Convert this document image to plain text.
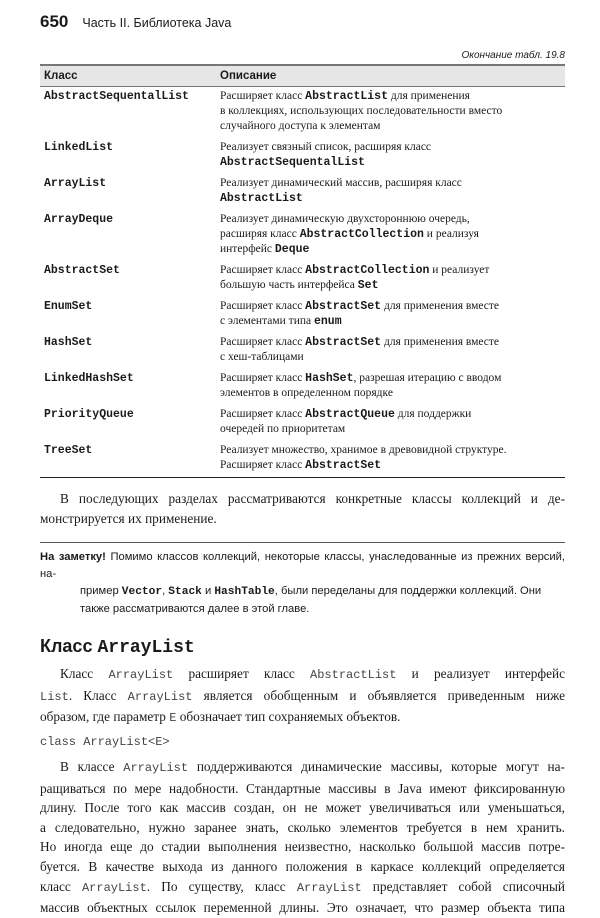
650 Часть II. Библиотека Java
Окончание табл. 19.8
Класс	Описание
AbstractSequentalList	Расширяет класс AbstractList для применения
в коллекциях, использующих последовательности вместо
случайного доступа к элементам

LinkedList	Реализует связный список, расширяя класс
AbstractSequentalList

ArrayList	Реализует динамический массив, расширяя класс
AbstractList

ArrayDeque	Реализует динамическую двухстороннюю очередь,
расширяя класс AbstractCollection и реализуя
интерфейс Deque

AbstractSet	Расширяет класс AbstractCollection и реализует
большую часть интерфейса Set

EnumSet	Расширяет класс AbstractSet для применения вместе
с элементами типа enum

HashSet	Расширяет класс AbstractSet для применения вместе
с хеш-таблицами

LinkedHashSet	Расширяет класс HashSet, разрешая итерацию с вводом
элементов в определенном порядке

PriorityQueue	Расширяет класс AbstractQueue для поддержки
очередей по приоритетам

TreeSet	Реализует множество, хранимое в древовидной структуре.
Расширяет класс AbstractSet
В последующих разделах рассматриваются конкретные классы коллекций и де-
монстрируется их применение.
На заметку! Помимо классов коллекций, некоторые классы, унаследованные из прежних версий, на-
пример Vector, Stack и HashTable, были переделаны для поддержки коллекций. Они
также рассматриваются далее в этой главе.
Класс ArrayList
Класс ArrayList расширяет класс AbstractList и реализует интерфейс
List. Класс ArrayList является обобщенным и объявляется приведенным ниже
образом, где параметр E обозначает тип сохраняемых объектов.
class ArrayList<E>
В классе ArrayList поддерживаются динамические массивы, которые могут на-
ращиваться по мере надобности. Стандартные массивы в Java имеют фиксированную
длину. После того как массив создан, он не может увеличиваться или уменьшаться,
а следовательно, нужно заранее знать, сколько элементов требуется в нем хранить.
Но иногда еще до стадии выполнения неизвестно, насколько большой массив потре-
буется. В качестве выхода из данного положения в каркасе коллекций определяется
класс ArrayList. По существу, класс ArrayList представляет собой списочный
массив объектных ссылок переменной длины. Это означает, что размер объекта типа
